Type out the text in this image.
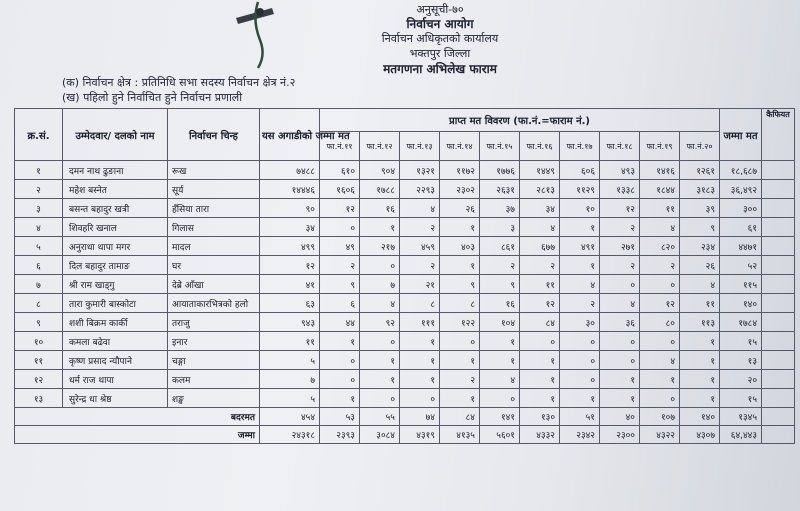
अनुसूची-७०
निर्वाचन आयोग
निर्वाचन अधिकृतको कार्यालय
भक्तपुर जिल्ला
मतगणना अभिलेख फाराम
(क) निर्वाचन क्षेत्र : प्रतिनिधि सभा सदस्य निर्वाचन क्षेत्र नं.२
(ख) पहिलो हुने निर्वाचित हुने निर्वाचन प्रणाली
क्र.सं.	उम्मेदवार/ दलको नाम	निर्वाचन चिन्ह	यस अगाडीको जम्मा मत	प्राप्त मत विवरण (फा.नं.=फाराम नं.)										जम्मा मत	कैफियत
				फा.नं.११	फा.नं.१२	फा.नं.१३	फा.नं.१४	फा.नं.१५	फा.नं.१६	फा.नं.१७	फा.नं.१८	फा.नं.१९	फा.नं.२०		
१	दमन नाथ ढुङाना	रूख	७४८८	६१०	९०४	१३२१	११७२	१७७६	१४४९	६०६	४९३	१४१६	१२६१	१८,६८७	
२	महेश बस्नेत	सूर्य	१४४४६	१६०६	१७८८	२२९३	२३०२	२६३१	२८१३	११२९	१३३८	१८४४	३१८३	३६,४९२	
३	बसन्त बहादुर खत्री	हँसिया तारा	९०	१२	१६	४	२६	३७	३४	१०	१२	११	३९	३००	
४	शिवहरि खनाल	गिलास	३४	०	१	२	१	३	४	१	२	४	९	६१	
५	अनुराधा थापा मगर	मादल	४९९	४९	२१७	४५९	४०३	८६१	६७७	४९१	२७१	८२०	२३४	४४७१	
६	दिल बहादुर तामाङ	घर	१२	२	०	२	१	२	२	१	२	२	२६	५२	
७	श्री राम खाड्‌गु	देब्रे आँखा	४१	९	७	२१	९	९	११	४	०	०	४	११५	
८	तारा कुमारी बास्कोटा	आयाताकारभित्रको हलो	६३	६	४	८	८	१६	१२	२	४	१२	११	१४०	
९	शशी बिक्रम कार्की	तराजु	९४३	४४	९२	१११	१२२	१०४	८४	३०	३६	८०	११३	१७८४	
१०	कमला बढेवा	इनार	११	१	०	१	०	१	०	०	०	०	१	१५	
११	कृष्ण प्रसाद न्यौपाने	चङ्गा	५	०	१	१	१	१	१	०	०	४	१	१३	
१२	धर्म राज थापा	कलम	७	०	१	१	२	४	१	०	१	१	१	२०	
१३	सुरेन्द्र धा श्रेष्ठ	शङ्ख	५	१	०	०	१	०	१	१	१	०	१	१५	
बदरमत			४५४	५३	५५	७४	८४	१४१	१३०	५१	४०	१०७	१४०	१३४५	
जम्मा			२४३१८	२३९३	३०८४	४३१९	४१३५	५६०१	४३३२	२३४२	२३००	४३२२	४३०७	६४,४४३	
